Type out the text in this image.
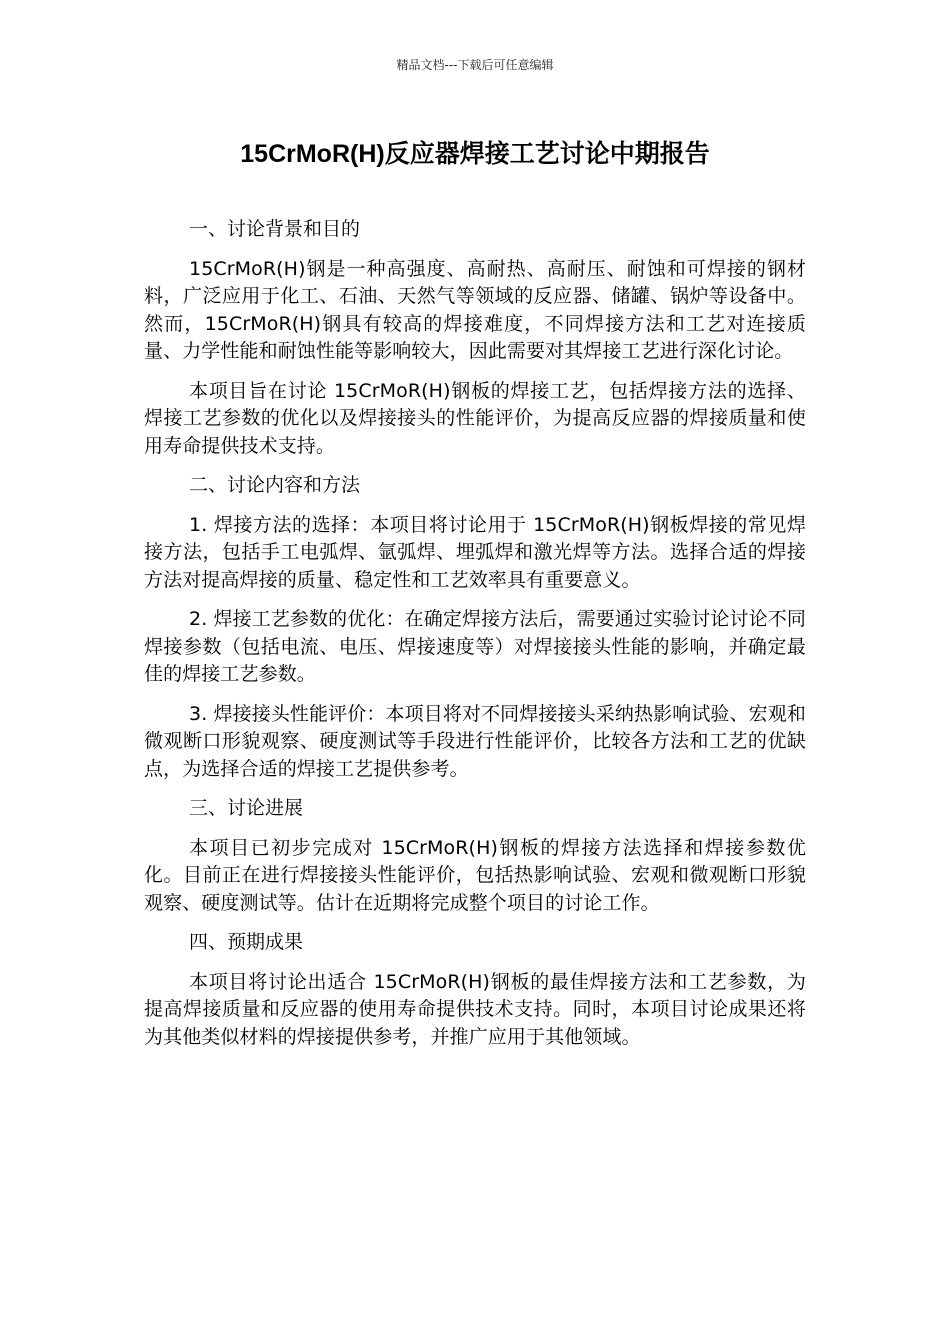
精品文档---下载后可任意编辑
15CrMoR(H)反应器焊接工艺讨论中期报告

一、讨论背景和目的

15CrMoR(H)钢是一种高强度、高耐热、高耐压、耐蚀和可焊接的钢材料，广泛应用于化工、石油、天然气等领域的反应器、储罐、锅炉等设备中。然而，15CrMoR(H)钢具有较高的焊接难度，不同焊接方法和工艺对连接质量、力学性能和耐蚀性能等影响较大，因此需要对其焊接工艺进行深化讨论。

本项目旨在讨论 15CrMoR(H)钢板的焊接工艺，包括焊接方法的选择、焊接工艺参数的优化以及焊接接头的性能评价，为提高反应器的焊接质量和使用寿命提供技术支持。

二、讨论内容和方法

1. 焊接方法的选择：本项目将讨论用于 15CrMoR(H)钢板焊接的常见焊接方法，包括手工电弧焊、氩弧焊、埋弧焊和激光焊等方法。选择合适的焊接方法对提高焊接的质量、稳定性和工艺效率具有重要意义。

2. 焊接工艺参数的优化：在确定焊接方法后，需要通过实验讨论讨论不同焊接参数（包括电流、电压、焊接速度等）对焊接接头性能的影响，并确定最佳的焊接工艺参数。

3. 焊接接头性能评价：本项目将对不同焊接接头采纳热影响试验、宏观和微观断口形貌观察、硬度测试等手段进行性能评价，比较各方法和工艺的优缺点，为选择合适的焊接工艺提供参考。

三、讨论进展

本项目已初步完成对 15CrMoR(H)钢板的焊接方法选择和焊接参数优化。目前正在进行焊接接头性能评价，包括热影响试验、宏观和微观断口形貌观察、硬度测试等。估计在近期将完成整个项目的讨论工作。

四、预期成果

本项目将讨论出适合 15CrMoR(H)钢板的最佳焊接方法和工艺参数，为提高焊接质量和反应器的使用寿命提供技术支持。同时，本项目讨论成果还将为其他类似材料的焊接提供参考，并推广应用于其他领域。
